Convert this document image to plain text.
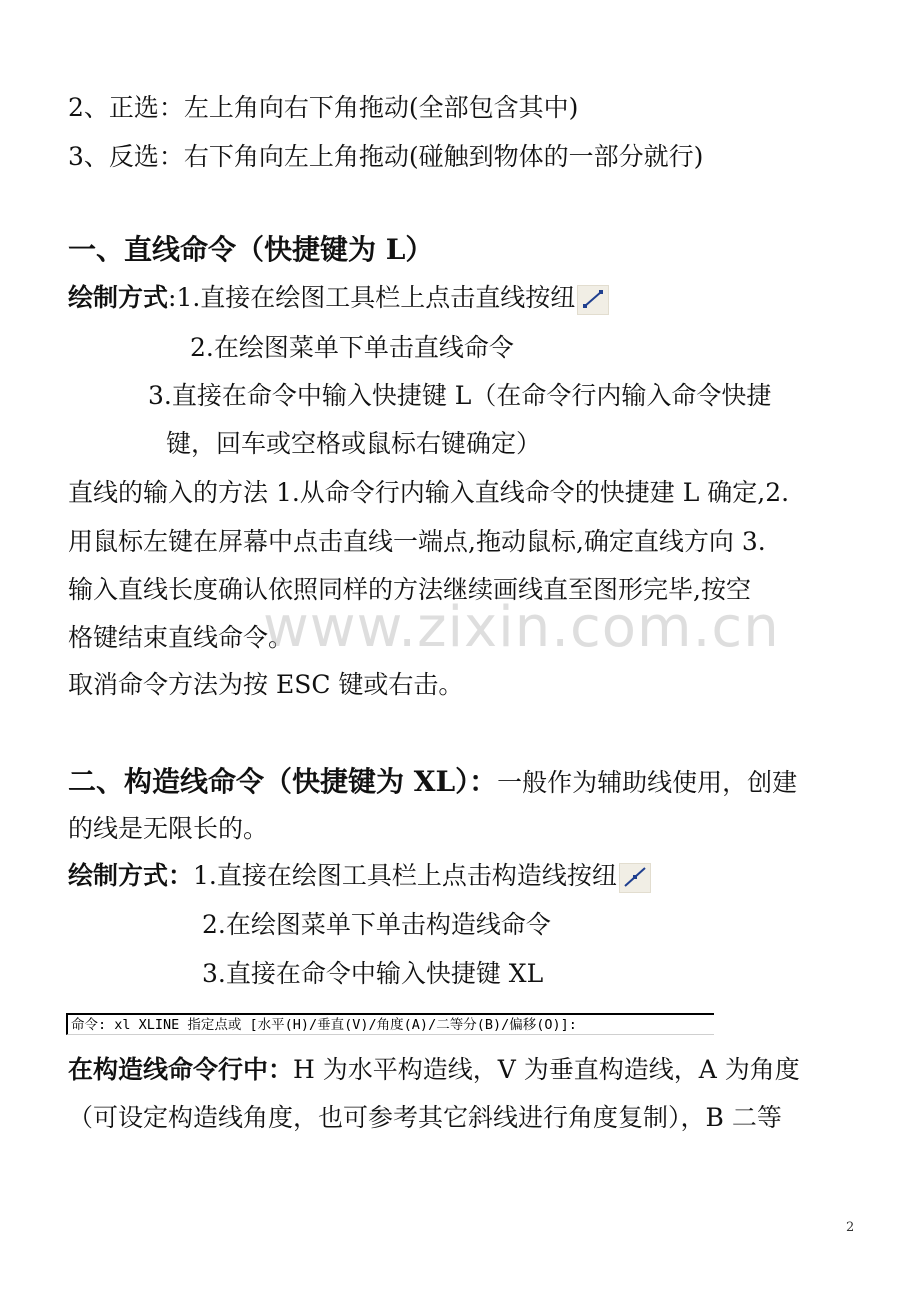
2、正选：左上角向右下角拖动(全部包含其中)
3、反选：右下角向左上角拖动(碰触到物体的一部分就行)
一、直线命令（快捷键为 L）
绘制方式:1.直接在绘图工具栏上点击直线按纽
2.在绘图菜单下单击直线命令
3.直接在命令中输入快捷键 L（在命令行内输入命令快捷
键，回车或空格或鼠标右键确定）
直线的输入的方法 1.从命令行内输入直线命令的快捷建 L 确定,2.
用鼠标左键在屏幕中点击直线一端点,拖动鼠标,确定直线方向 3.
输入直线长度确认依照同样的方法继续画线直至图形完毕,按空
格键结束直线命令。
取消命令方法为按 ESC 键或右击。
二、构造线命令（快捷键为 XL）：一般作为辅助线使用，创建
的线是无限长的。
绘制方式：1.直接在绘图工具栏上点击构造线按纽
2.在绘图菜单下单击构造线命令
3.直接在命令中输入快捷键 XL
命令: xl XLINE 指定点或 [水平(H)/垂直(V)/角度(A)/二等分(B)/偏移(O)]:
在构造线命令行中：H 为水平构造线，V 为垂直构造线，A 为角度
（可设定构造线角度，也可参考其它斜线进行角度复制），B 二等
www.zixin.com.cn
2
